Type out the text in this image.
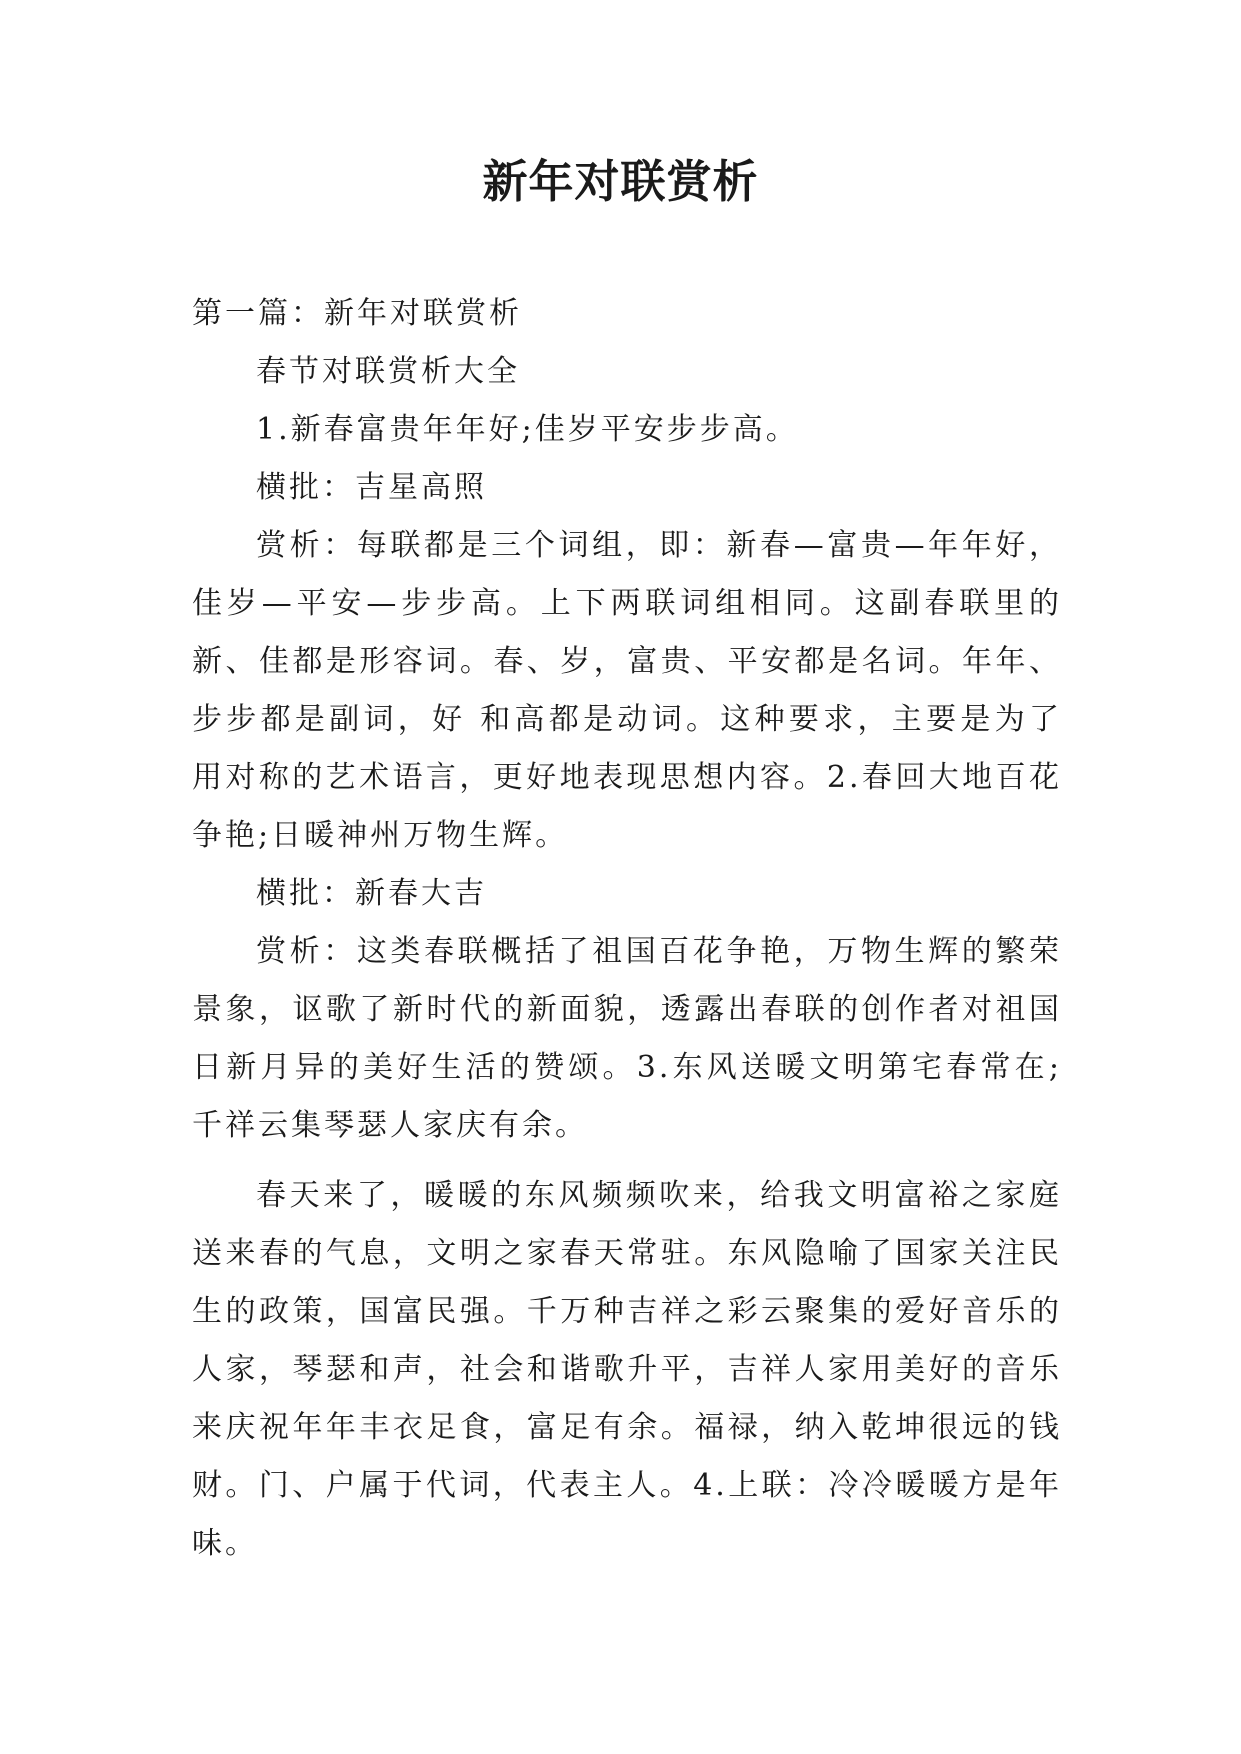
新年对联赏析

第一篇：新年对联赏析

春节对联赏析大全

1.新春富贵年年好;佳岁平安步步高。

横批：吉星高照

赏析：每联都是三个词组，即：新春—富贵—年年好，佳岁—平安—步步高。上下两联词组相同。这副春联里的新、佳都是形容词。春、岁，富贵、平安都是名词。年年、步步都是副词，好 和高都是动词。这种要求，主要是为了用对称的艺术语言，更好地表现思想内容。2.春回大地百花争艳;日暖神州万物生辉。

横批：新春大吉

赏析：这类春联概括了祖国百花争艳，万物生辉的繁荣景象，讴歌了新时代的新面貌，透露出春联的创作者对祖国日新月异的美好生活的赞颂。3.东风送暖文明第宅春常在;千祥云集琴瑟人家庆有余。

春天来了，暖暖的东风频频吹来，给我文明富裕之家庭送来春的气息，文明之家春天常驻。东风隐喻了国家关注民生的政策，国富民强。千万种吉祥之彩云聚集的爱好音乐的人家，琴瑟和声，社会和谐歌升平，吉祥人家用美好的音乐来庆祝年年丰衣足食，富足有余。福禄，纳入乾坤很远的钱财。门、户属于代词，代表主人。4.上联：冷冷暖暖方是年味。
